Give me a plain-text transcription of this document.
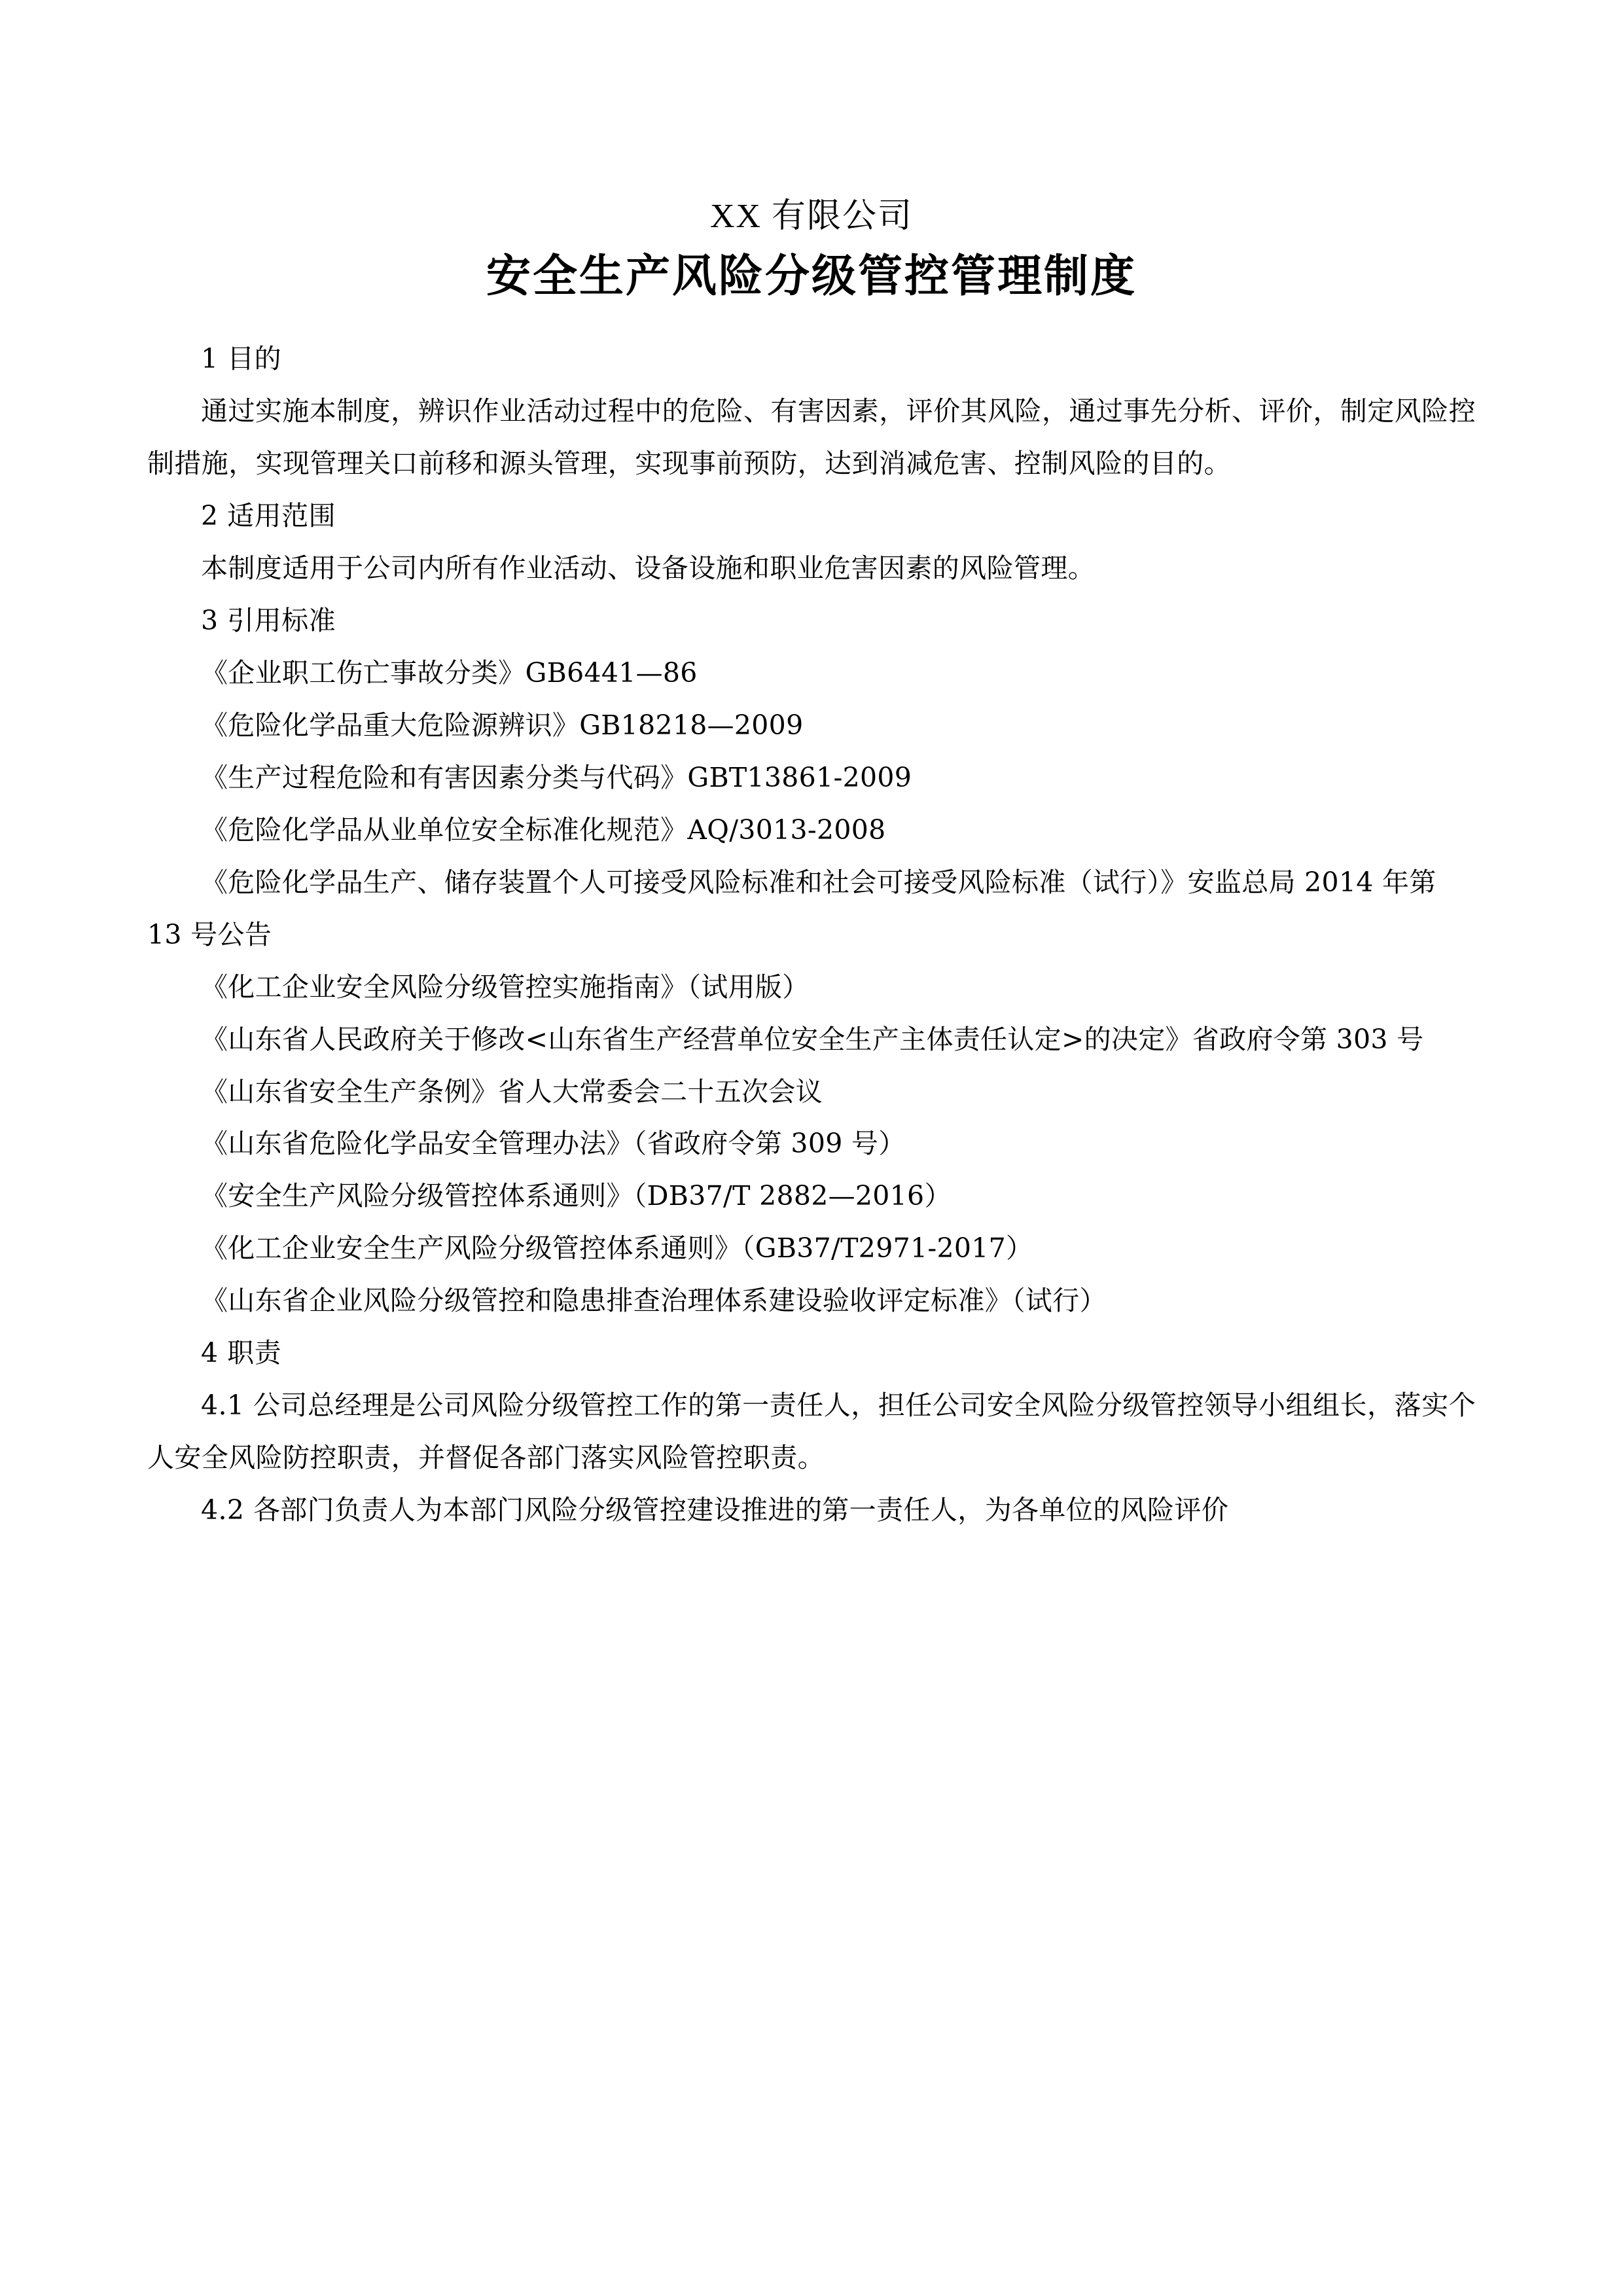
XX 有限公司
安全生产风险分级管控管理制度

1 目的

通过实施本制度，辨识作业活动过程中的危险、有害因素，评价其风险，通过事先分析、评价，制定风险控制措施，实现管理关口前移和源头管理，实现事前预防，达到消减危害、控制风险的目的。

2 适用范围

本制度适用于公司内所有作业活动、设备设施和职业危害因素的风险管理。

3 引用标准

《企业职工伤亡事故分类》GB6441—86

《危险化学品重大危险源辨识》GB18218—2009

《生产过程危险和有害因素分类与代码》GBT13861-2009

《危险化学品从业单位安全标准化规范》AQ/3013-2008

《危险化学品生产、储存装置个人可接受风险标准和社会可接受风险标准（试行）》安监总局 2014 年第 13 号公告

《化工企业安全风险分级管控实施指南》（试用版）

《山东省人民政府关于修改<山东省生产经营单位安全生产主体责任认定>的决定》省政府令第 303 号

《山东省安全生产条例》省人大常委会二十五次会议

《山东省危险化学品安全管理办法》（省政府令第 309 号）

《安全生产风险分级管控体系通则》（DB37/T 2882—2016）

《化工企业安全生产风险分级管控体系通则》（GB37/T2971-2017）

《山东省企业风险分级管控和隐患排查治理体系建设验收评定标准》（试行）

4 职责

4.1 公司总经理是公司风险分级管控工作的第一责任人，担任公司安全风险分级管控领导小组组长，落实个人安全风险防控职责，并督促各部门落实风险管控职责。

4.2 各部门负责人为本部门风险分级管控建设推进的第一责任人，为各单位的风险评价
